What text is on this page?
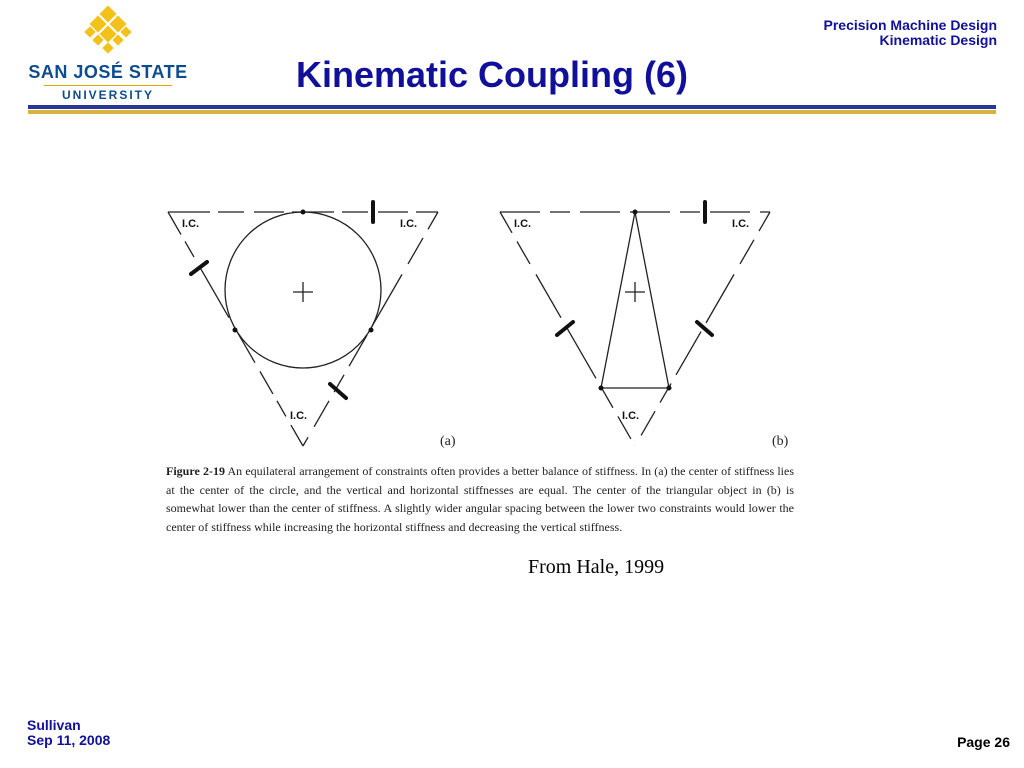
SAN JOSÉ STATE
UNIVERSITY
Precision Machine Design
Kinematic Design
Kinematic Coupling (6)
I.C.	I.C.
I.C.
I.C.	I.C.
I.C.
(a)	(b)
Figure 2-19 An equilateral arrangement of constraints often provides a better balance of stiffness. In (a) the center of stiffness lies at the center of the circle, and the vertical and horizontal stiffnesses are equal. The center of the triangular object in (b) is somewhat lower than the center of stiffness. A slightly wider angular spacing between the lower two constraints would lower the center of stiffness while increasing the horizontal stiffness and decreasing the vertical stiffness.
From Hale, 1999
Sullivan
Sep 11, 2008	Page 26
